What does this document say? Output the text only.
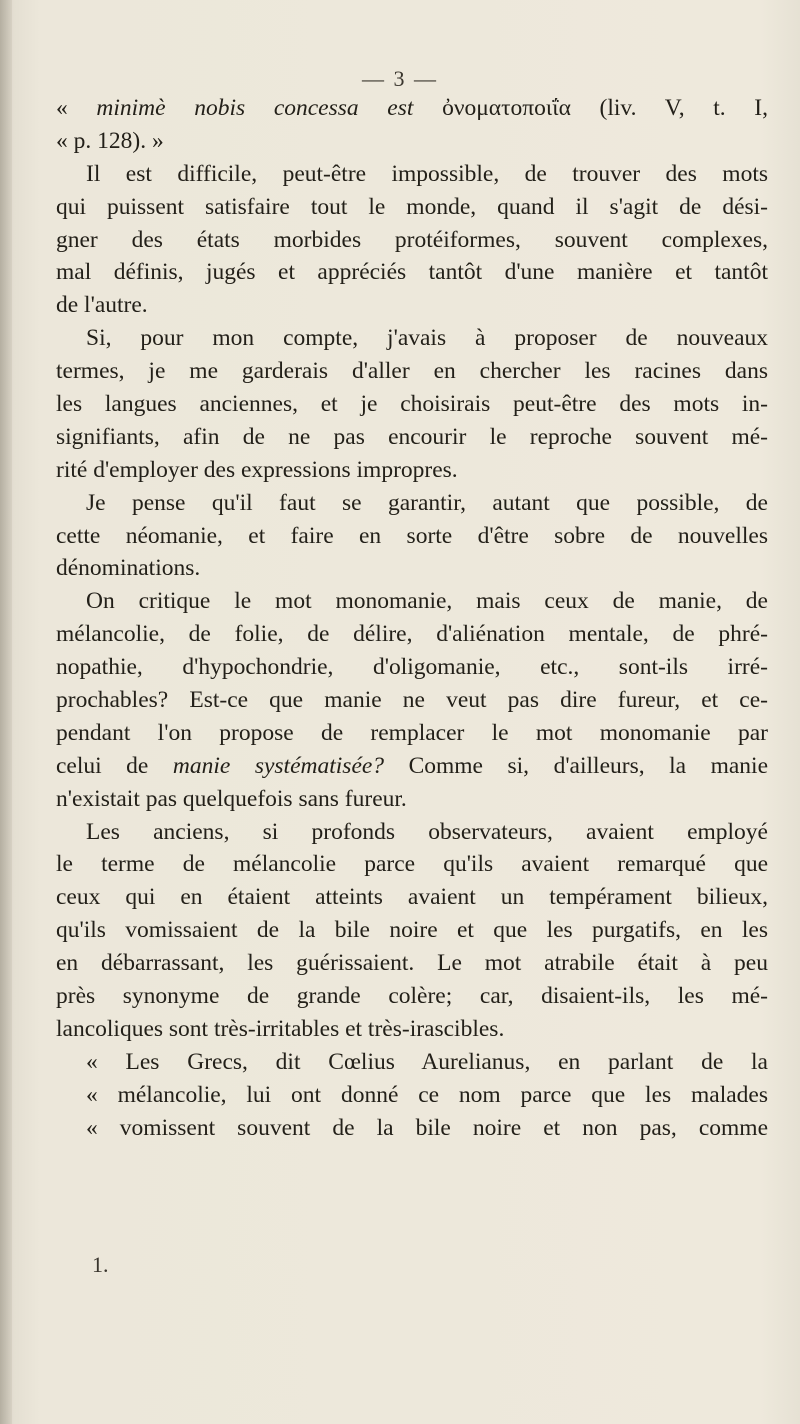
— 3 —
« minimè nobis concessa est ὀνοματοποιΐα (liv. V, t. I,
« p. 128). »
Il est difficile, peut-être impossible, de trouver des mots
qui puissent satisfaire tout le monde, quand il s'agit de dési-
gner des états morbides protéiformes, souvent complexes,
mal définis, jugés et appréciés tantôt d'une manière et tantôt
de l'autre.
Si, pour mon compte, j'avais à proposer de nouveaux
termes, je me garderais d'aller en chercher les racines dans
les langues anciennes, et je choisirais peut-être des mots in-
signifiants, afin de ne pas encourir le reproche souvent mé-
rité d'employer des expressions impropres.
Je pense qu'il faut se garantir, autant que possible, de
cette néomanie, et faire en sorte d'être sobre de nouvelles
dénominations.
On critique le mot monomanie, mais ceux de manie, de
mélancolie, de folie, de délire, d'aliénation mentale, de phré-
nopathie, d'hypochondrie, d'oligomanie, etc., sont-ils irré-
prochables? Est-ce que manie ne veut pas dire fureur, et ce-
pendant l'on propose de remplacer le mot monomanie par
celui de manie systématisée? Comme si, d'ailleurs, la manie
n'existait pas quelquefois sans fureur.
Les anciens, si profonds observateurs, avaient employé
le terme de mélancolie parce qu'ils avaient remarqué que
ceux qui en étaient atteints avaient un tempérament bilieux,
qu'ils vomissaient de la bile noire et que les purgatifs, en les
en débarrassant, les guérissaient. Le mot atrabile était à peu
près synonyme de grande colère; car, disaient-ils, les mé-
lancoliques sont très-irritables et très-irascibles.
« Les Grecs, dit Cœlius Aurelianus, en parlant de la
« mélancolie, lui ont donné ce nom parce que les malades
« vomissent souvent de la bile noire et non pas, comme
1.
